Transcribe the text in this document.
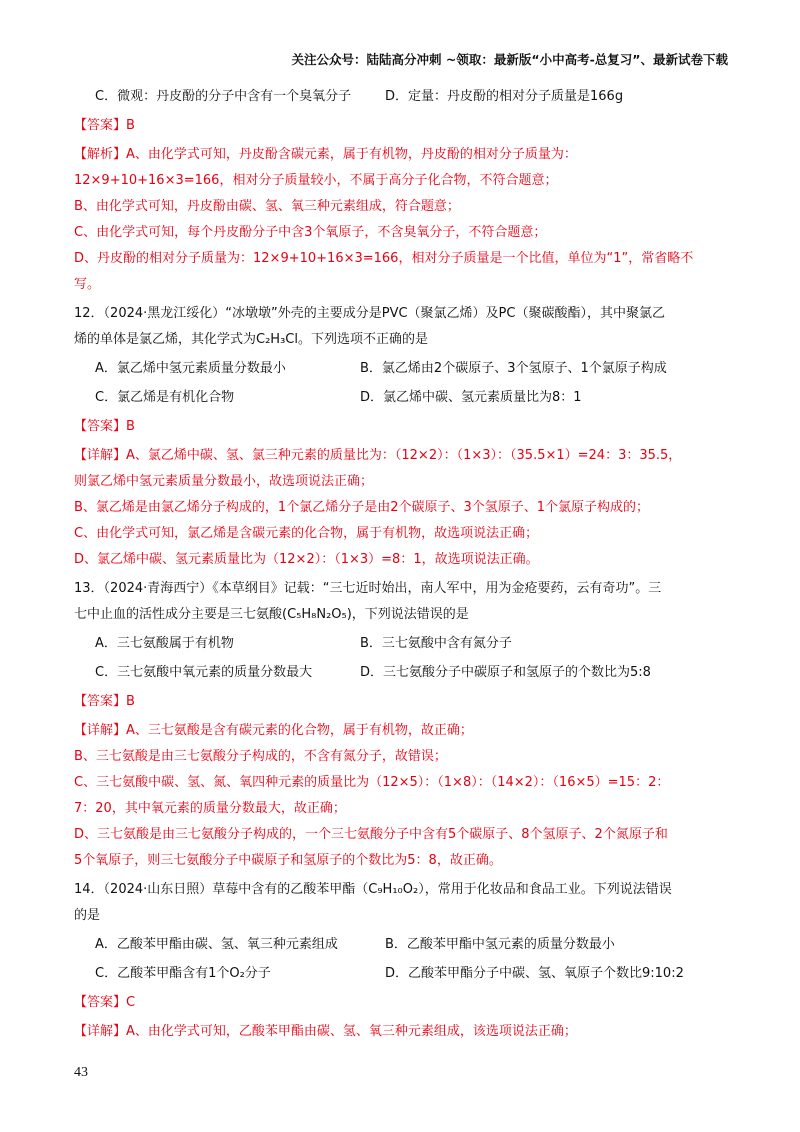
关注公众号：陆陆高分冲刺 ~领取：最新版“小中高考-总复习”、最新试卷下载
C．微观：丹皮酚的分子中含有一个臭氧分子	D．定量：丹皮酚的相对分子质量是166g
【答案】B
【解析】A、由化学式可知，丹皮酚含碳元素，属于有机物，丹皮酚的相对分子质量为：
12×9+10+16×3=166，相对分子质量较小，不属于高分子化合物，不符合题意；
B、由化学式可知，丹皮酚由碳、氢、氧三种元素组成，符合题意；
C、由化学式可知，每个丹皮酚分子中含3个氧原子，不含臭氧分子，不符合题意；
D、丹皮酚的相对分子质量为：12×9+10+16×3=166，相对分子质量是一个比值，单位为“1”，常省略不
写。
12．（2024·黑龙江绥化）“冰墩墩”外壳的主要成分是PVC（聚氯乙烯）及PC（聚碳酸酯），其中聚氯乙
烯的单体是氯乙烯，其化学式为C₂H₃Cl。下列选项不正确的是
A．氯乙烯中氢元素质量分数最小	B．氯乙烯由2个碳原子、3个氢原子、1个氯原子构成
C．氯乙烯是有机化合物	D．氯乙烯中碳、氢元素质量比为8：1
【答案】B
【详解】A、氯乙烯中碳、氢、氯三种元素的质量比为：（12×2）：（1×3）：（35.5×1）=24：3：35.5，
则氯乙烯中氢元素质量分数最小，故选项说法正确；
B、氯乙烯是由氯乙烯分子构成的，1个氯乙烯分子是由2个碳原子、3个氢原子、1个氯原子构成的；
C、由化学式可知，氯乙烯是含碳元素的化合物，属于有机物，故选项说法正确；
D、氯乙烯中碳、氢元素质量比为（12×2）：（1×3）=8：1，故选项说法正确。
13．（2024·青海西宁）《本草纲目》记载：“三七近时始出，南人军中，用为金疮要药，云有奇功”。三
七中止血的活性成分主要是三七氨酸(C₅H₈N₂O₅)，下列说法错误的是
A．三七氨酸属于有机物	B．三七氨酸中含有氮分子
C．三七氨酸中氧元素的质量分数最大	D．三七氨酸分子中碳原子和氢原子的个数比为5:8
【答案】B
【详解】A、三七氨酸是含有碳元素的化合物，属于有机物，故正确；
B、三七氨酸是由三七氨酸分子构成的，不含有氮分子，故错误；
C、三七氨酸中碳、氢、氮、氧四种元素的质量比为（12×5）：（1×8）：（14×2）：（16×5）=15：2：
7：20，其中氧元素的质量分数最大，故正确；
D、三七氨酸是由三七氨酸分子构成的，一个三七氨酸分子中含有5个碳原子、8个氢原子、2个氮原子和
5个氧原子，则三七氨酸分子中碳原子和氢原子的个数比为5：8，故正确。
14．（2024·山东日照）草莓中含有的乙酸苯甲酯（C₉H₁₀O₂），常用于化妆品和食品工业。下列说法错误
的是
A．乙酸苯甲酯由碳、氢、氧三种元素组成	B．乙酸苯甲酯中氢元素的质量分数最小
C．乙酸苯甲酯含有1个O₂分子	D．乙酸苯甲酯分子中碳、氢、氧原子个数比9:10:2
【答案】C
【详解】A、由化学式可知，乙酸苯甲酯由碳、氢、氧三种元素组成，该选项说法正确；
43
